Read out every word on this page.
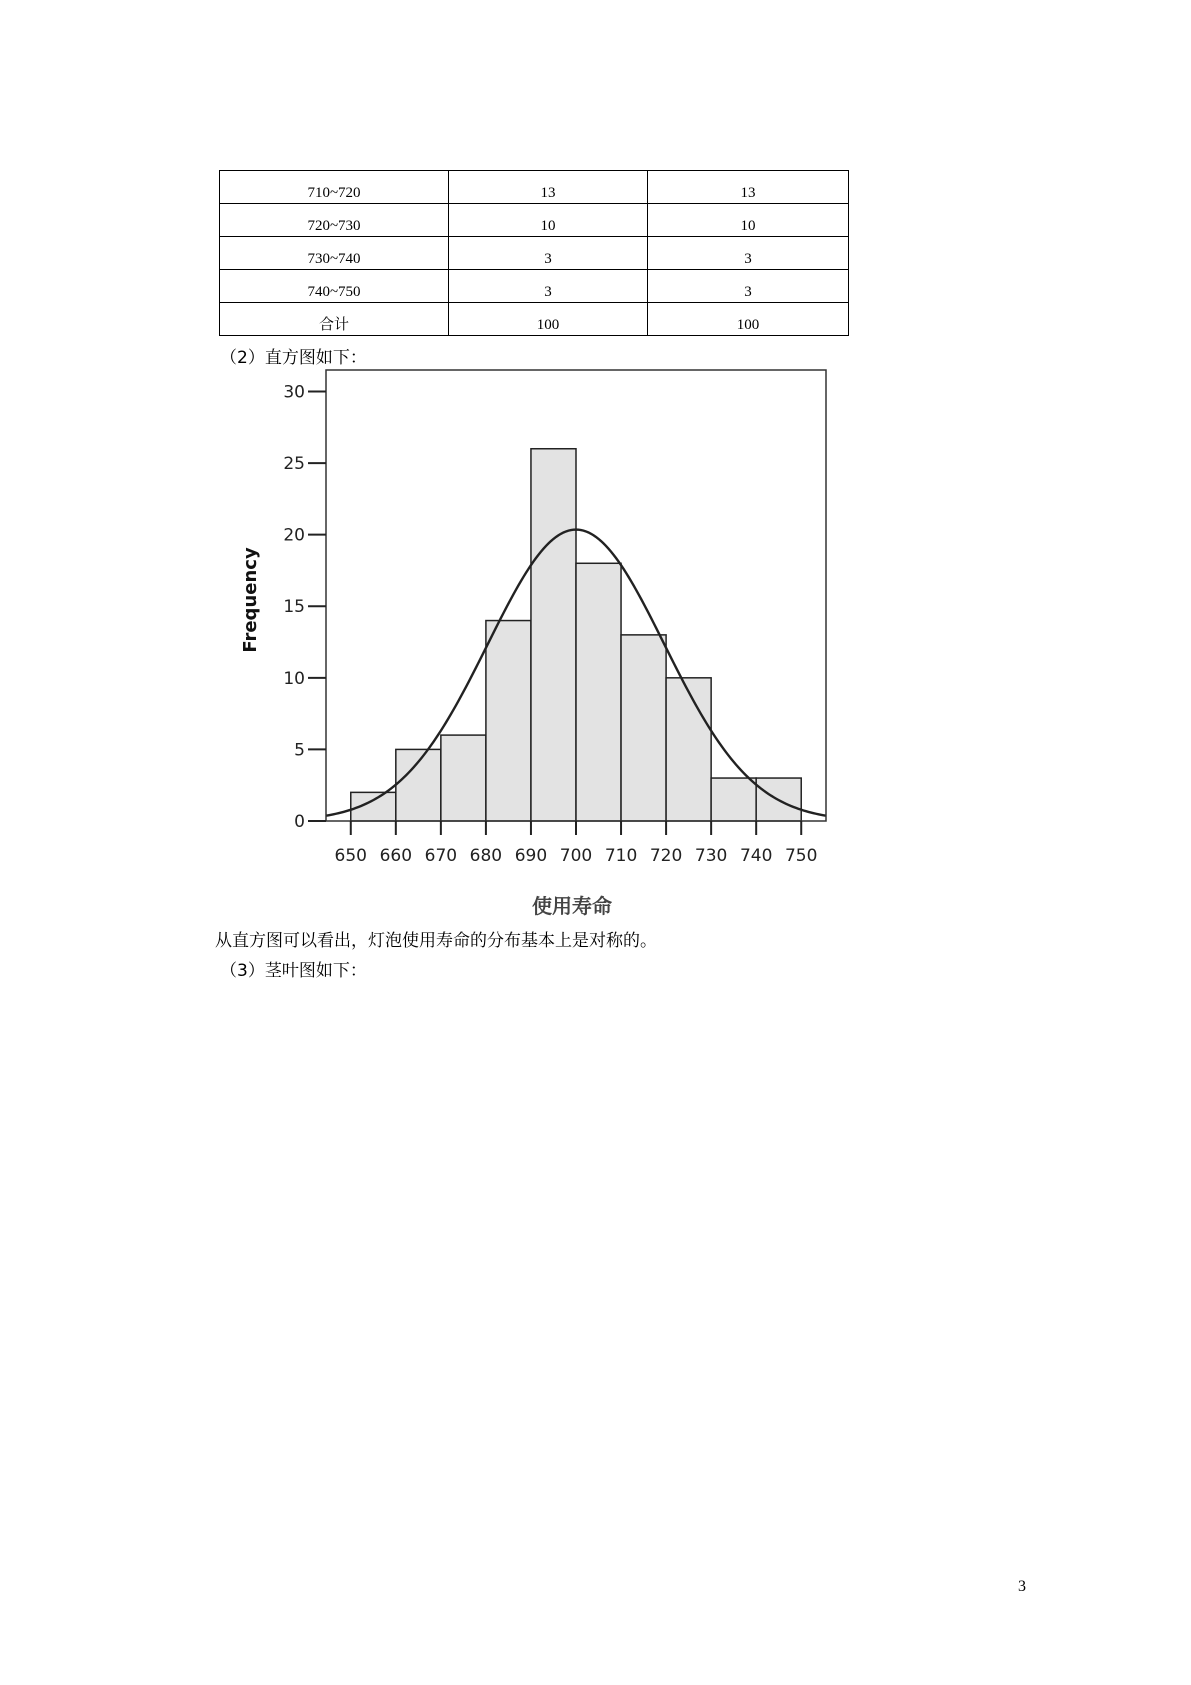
710~720	13	13
720~730	10	10
730~740	3	3
740~750	3	3
合计	100	100
（2）直方图如下：
0
5
10
15
20
25
30
650 660 670 680 690 700 710 720 730 740 750
Frequency
使用寿命
从直方图可以看出，灯泡使用寿命的分布基本上是对称的。
（3）茎叶图如下：
3
